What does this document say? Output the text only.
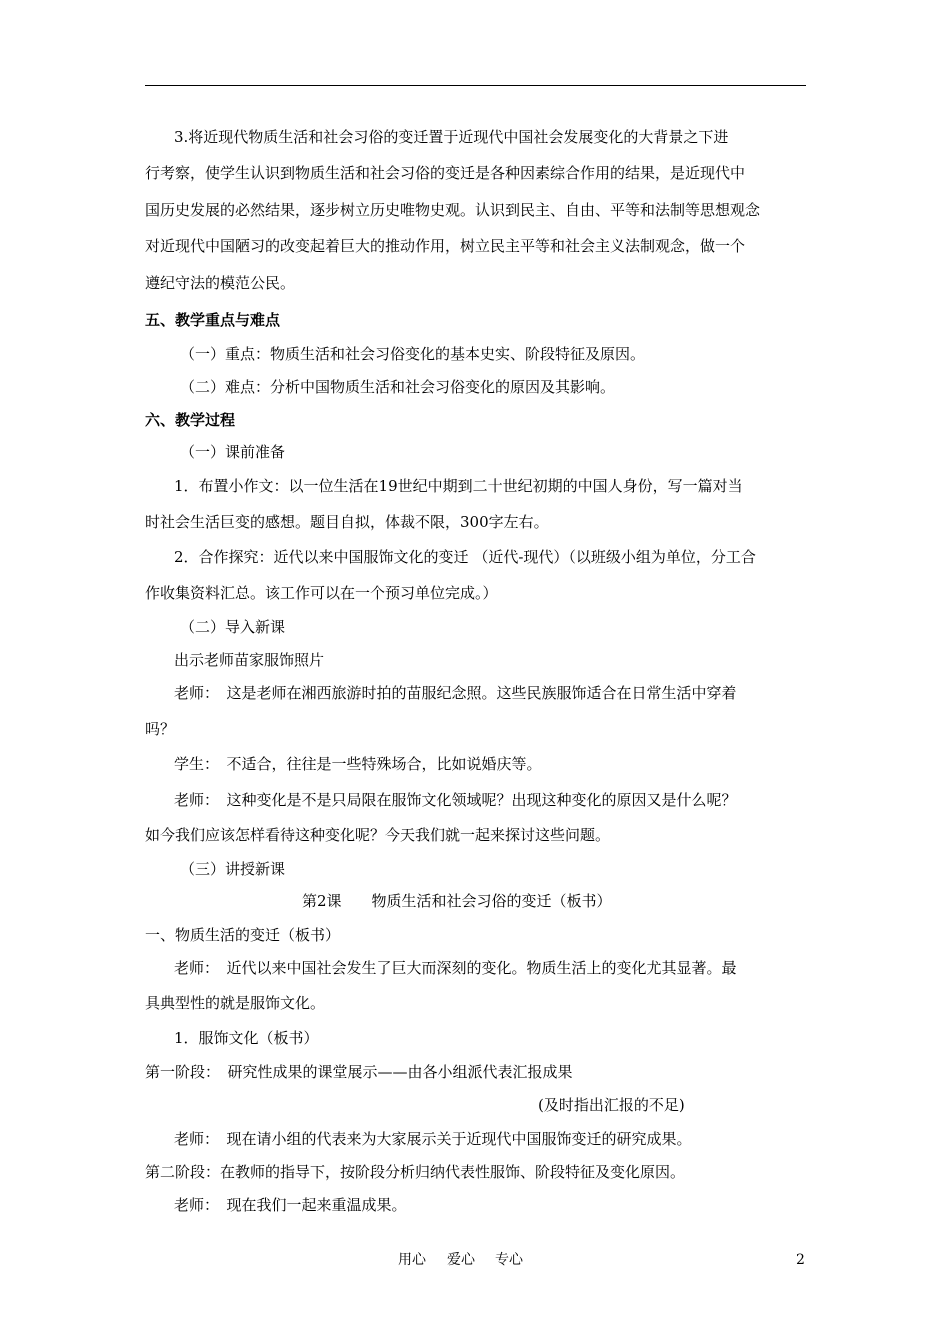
3.将近现代物质生活和社会习俗的变迁置于近现代中国社会发展变化的大背景之下进
行考察，使学生认识到物质生活和社会习俗的变迁是各种因素综合作用的结果，是近现代中
国历史发展的必然结果，逐步树立历史唯物史观。认识到民主、自由、平等和法制等思想观念
对近现代中国陋习的改变起着巨大的推动作用，树立民主平等和社会主义法制观念，做一个
遵纪守法的模范公民。
五、教学重点与难点
（一）重点：物质生活和社会习俗变化的基本史实、阶段特征及原因。
（二）难点：分析中国物质生活和社会习俗变化的原因及其影响。
六、教学过程
（一）课前准备
1．布置小作文：以一位生活在19世纪中期到二十世纪初期的中国人身份，写一篇对当
时社会生活巨变的感想。题目自拟，体裁不限，300字左右。
2．合作探究：近代以来中国服饰文化的变迁 （近代-现代）（以班级小组为单位，分工合
作收集资料汇总。该工作可以在一个预习单位完成。）
（二）导入新课
出示老师苗家服饰照片
老师：　这是老师在湘西旅游时拍的苗服纪念照。这些民族服饰适合在日常生活中穿着
吗？
学生：　不适合，往往是一些特殊场合，比如说婚庆等。
老师：　这种变化是不是只局限在服饰文化领域呢？出现这种变化的原因又是什么呢？
如今我们应该怎样看待这种变化呢？今天我们就一起来探讨这些问题。
（三）讲授新课
第2课　　物质生活和社会习俗的变迁（板书）
一、物质生活的变迁（板书）
老师：　近代以来中国社会发生了巨大而深刻的变化。物质生活上的变化尤其显著。最
具典型性的就是服饰文化。
1．服饰文化（板书）
第一阶段：　研究性成果的课堂展示——由各小组派代表汇报成果
(及时指出汇报的不足)
老师：　现在请小组的代表来为大家展示关于近现代中国服饰变迁的研究成果。
第二阶段：在教师的指导下，按阶段分析归纳代表性服饰、阶段特征及变化原因。
老师：　现在我们一起来重温成果。
用心 爱心 专心	2
